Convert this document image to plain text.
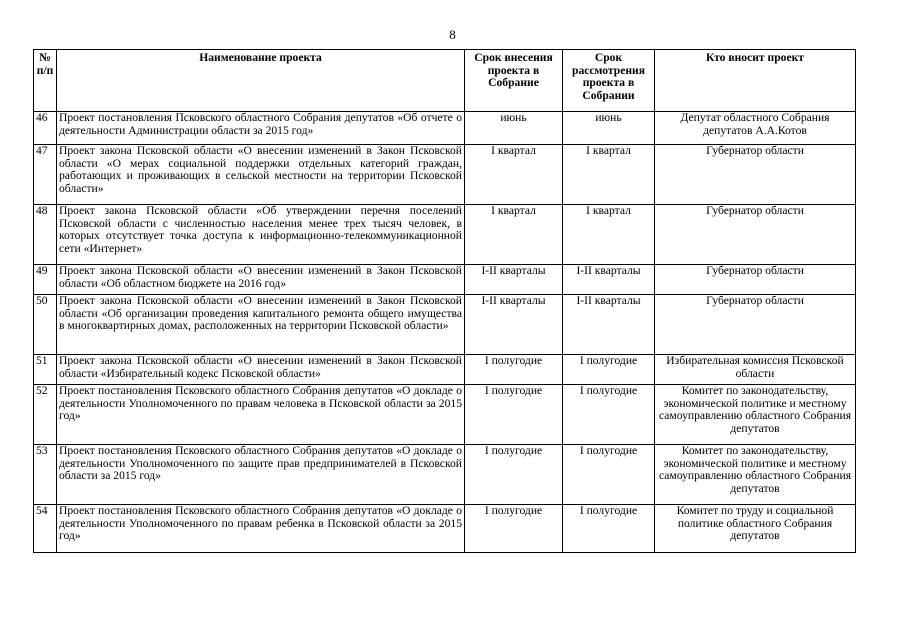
8
№ п/п	Наименование проекта	Срок внесения проекта в Собрание	Срок рассмотрения проекта в Собрании	Кто вносит проект
46	Проект постановления Псковского областного Собрания депутатов «Об отчете о деятельности Администрации области за 2015 год»	июнь	июнь	Депутат областного Собрания депутатов А.А.Котов
47	Проект закона Псковской области «О внесении изменений в Закон Псковской области «О мерах социальной поддержки отдельных категорий граждан, работающих и проживающих в сельской местности на территории Псковской области»	I квартал	I квартал	Губернатор области
48	Проект закона Псковской области «Об утверждении перечня поселений Псковской области с численностью населения менее трех тысяч человек, в которых отсутствует точка доступа к информационно-телекоммуникационной сети «Интернет»	I квартал	I квартал	Губернатор области
49	Проект закона Псковской области «О внесении изменений в Закон Псковской области «Об областном бюджете на 2016 год»	I-II кварталы	I-II кварталы	Губернатор области
50	Проект закона Псковской области «О внесении изменений в Закон Псковской области «Об организации проведения капитального ремонта общего имущества в многоквартирных домах, расположенных на территории Псковской области»	I-II кварталы	I-II кварталы	Губернатор области
51	Проект закона Псковской области «О внесении изменений в Закон Псковской области «Избирательный кодекс Псковской области»	I полугодие	I полугодие	Избирательная комиссия Псковской области
52	Проект постановления Псковского областного Собрания депутатов «О докладе о деятельности Уполномоченного по правам человека в Псковской области за 2015 год»	I полугодие	I полугодие	Комитет по законодательству, экономической политике и местному самоуправлению областного Собрания депутатов
53	Проект постановления Псковского областного Собрания депутатов «О докладе о деятельности Уполномоченного по защите прав предпринимателей в Псковской области за 2015 год»	I полугодие	I полугодие	Комитет по законодательству, экономической политике и местному самоуправлению областного Собрания депутатов
54	Проект постановления Псковского областного Собрания депутатов «О докладе о деятельности Уполномоченного по правам ребенка в Псковской области за 2015 год»	I полугодие	I полугодие	Комитет по труду и социальной политике областного Собрания депутатов
